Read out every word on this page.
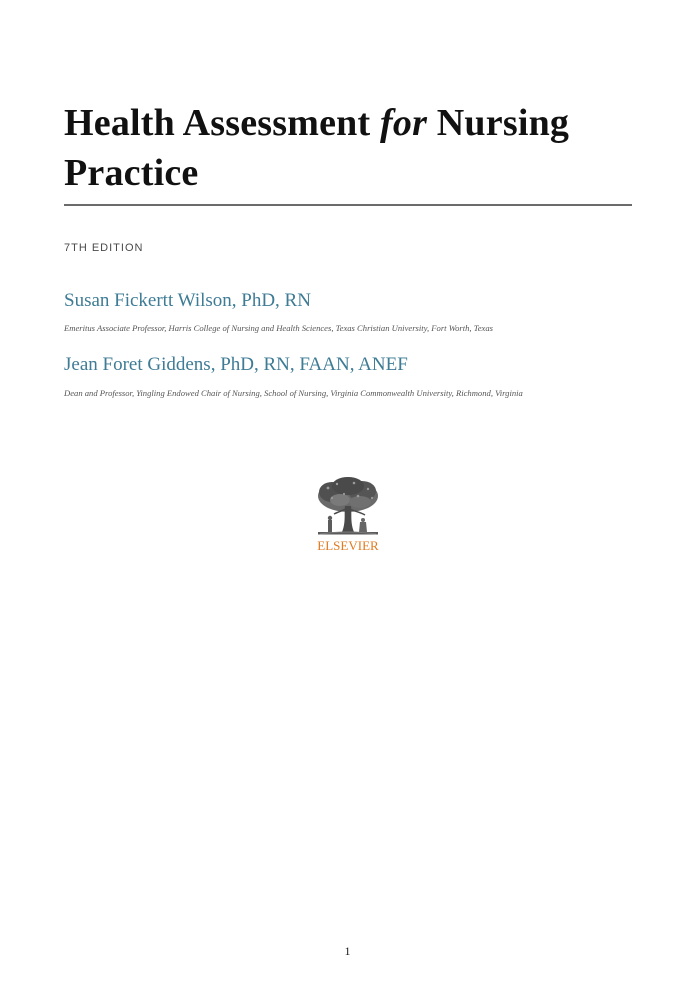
Health Assessment for Nursing Practice
7TH EDITION
Susan Fickertt Wilson, PhD, RN
Emeritus Associate Professor, Harris College of Nursing and Health Sciences, Texas Christian University, Fort Worth, Texas
Jean Foret Giddens, PhD, RN, FAAN, ANEF
Dean and Professor, Yingling Endowed Chair of Nursing, School of Nursing, Virginia Commonwealth University, Richmond, Virginia
ELSEVIER
1
